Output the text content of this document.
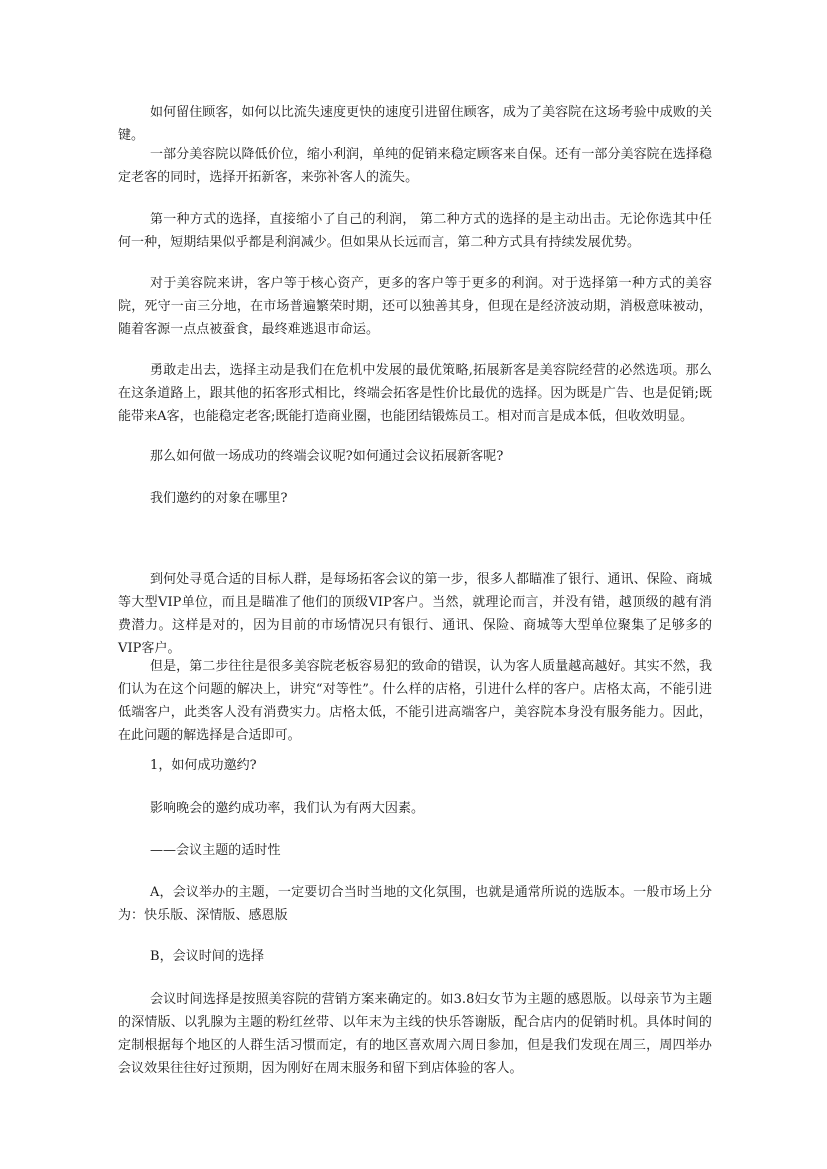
如何留住顾客，如何以比流失速度更快的速度引进留住顾客，成为了美容院在这场考验中成败的关键。

一部分美容院以降低价位，缩小利润，单纯的促销来稳定顾客来自保。还有一部分美容院在选择稳定老客的同时，选择开拓新客，来弥补客人的流失。

第一种方式的选择，直接缩小了自己的利润， 第二种方式的选择的是主动出击。无论你选其中任何一种，短期结果似乎都是利润减少。但如果从长远而言，第二种方式具有持续发展优势。

对于美容院来讲，客户等于核心资产，更多的客户等于更多的利润。对于选择第一种方式的美容院，死守一亩三分地，在市场普遍繁荣时期，还可以独善其身，但现在是经济波动期，消极意味被动，随着客源一点点被蚕食，最终难逃退市命运。

勇敢走出去，选择主动是我们在危机中发展的最优策略,拓展新客是美容院经营的必然选项。那么在这条道路上，跟其他的拓客形式相比，终端会拓客是性价比最优的选择。因为既是广告、也是促销;既能带来A客，也能稳定老客;既能打造商业圈，也能团结锻炼员工。相对而言是成本低，但收效明显。

那么如何做一场成功的终端会议呢?如何通过会议拓展新客呢?

我们邀约的对象在哪里?

到何处寻觅合适的目标人群，是每场拓客会议的第一步，很多人都瞄准了银行、通讯、保险、商城等大型VIP单位，而且是瞄准了他们的顶级VIP客户。当然，就理论而言，并没有错，越顶级的越有消费潜力。这样是对的，因为目前的市场情况只有银行、通讯、保险、商城等大型单位聚集了足够多的VIP客户。

但是，第二步往往是很多美容院老板容易犯的致命的错误，认为客人质量越高越好。其实不然，我们认为在这个问题的解决上，讲究“对等性”。什么样的店格，引进什么样的客户。店格太高，不能引进低端客户，此类客人没有消费实力。店格太低，不能引进高端客户，美容院本身没有服务能力。因此，在此问题的解选择是合适即可。

1，如何成功邀约?

影响晚会的邀约成功率，我们认为有两大因素。

——会议主题的适时性

A，会议举办的主题，一定要切合当时当地的文化氛围，也就是通常所说的选版本。一般市场上分为：快乐版、深情版、感恩版

B，会议时间的选择

会议时间选择是按照美容院的营销方案来确定的。如3.8妇女节为主题的感恩版。以母亲节为主题的深情版、以乳腺为主题的粉红丝带、以年末为主线的快乐答谢版，配合店内的促销时机。具体时间的定制根据每个地区的人群生活习惯而定，有的地区喜欢周六周日参加，但是我们发现在周三，周四举办会议效果往往好过预期，因为刚好在周末服务和留下到店体验的客人。
